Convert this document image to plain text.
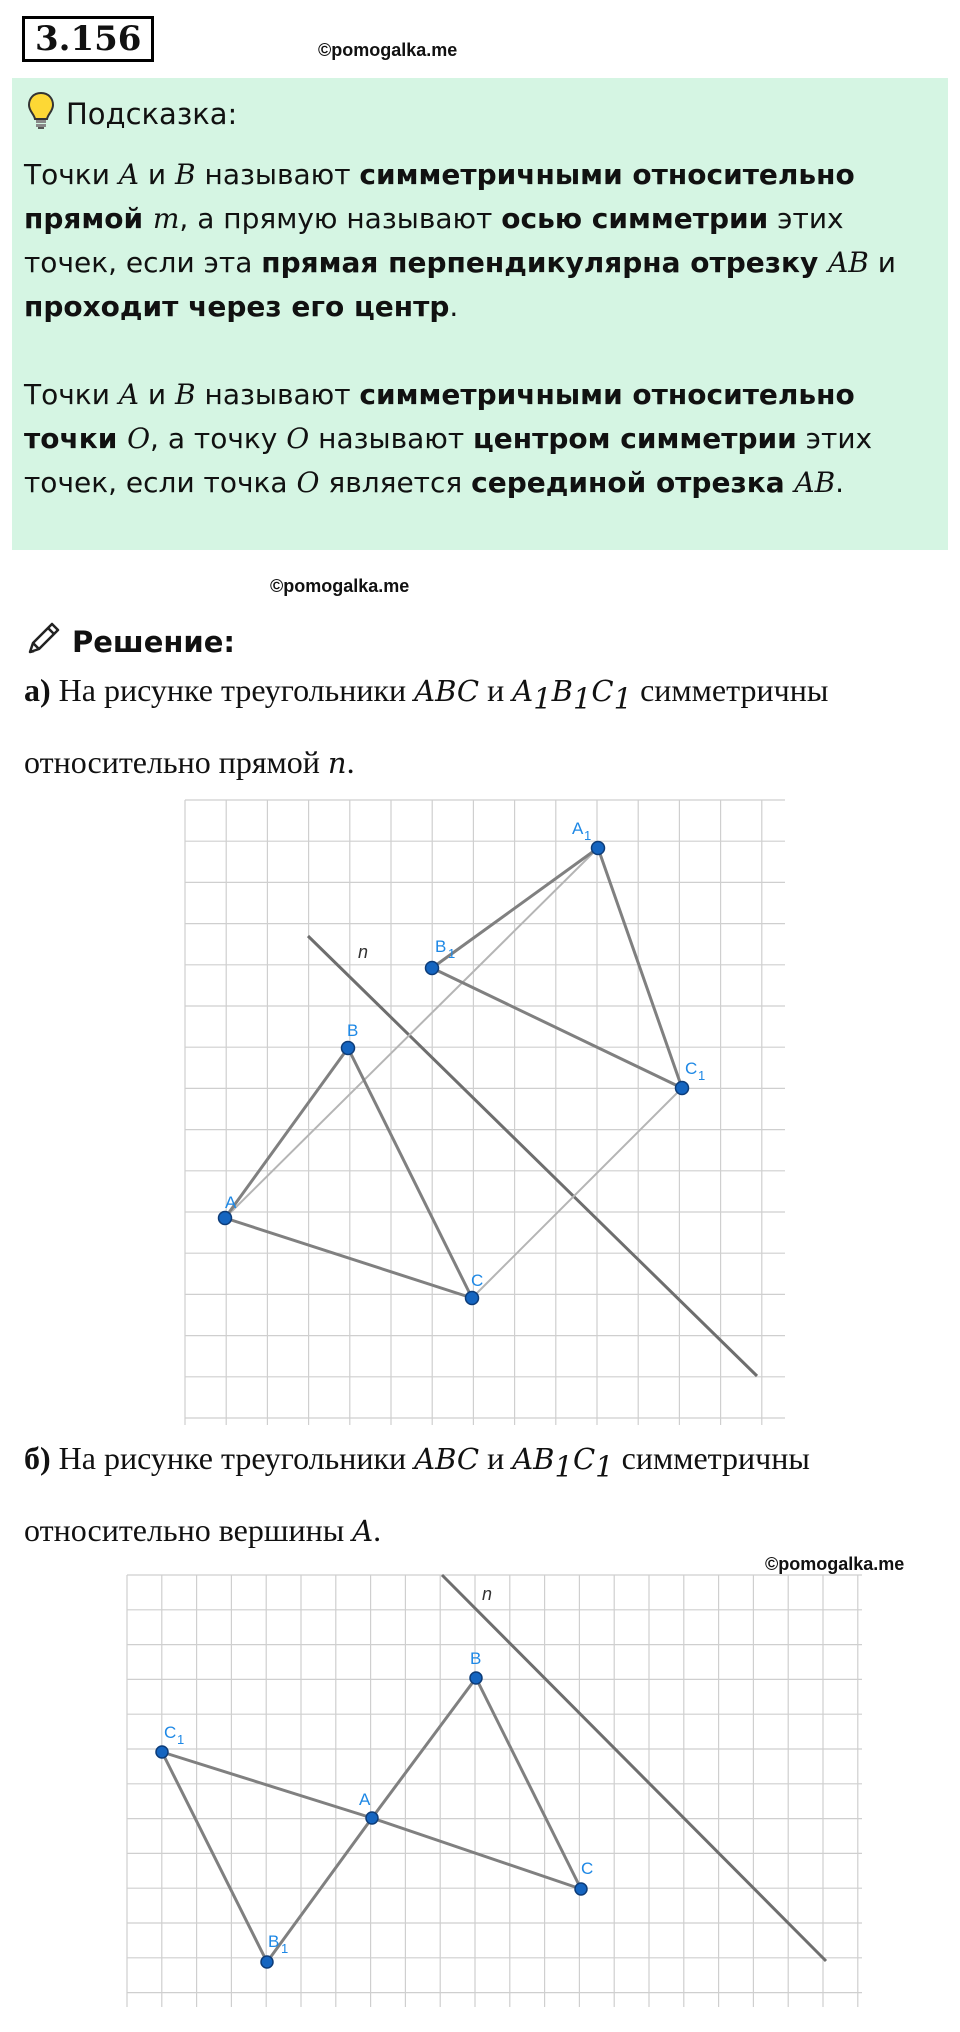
3.156	©pomogalka.me
Подсказка:
Точки A и B называют симметричными относительно прямой m, а прямую называют осью симметрии этих точек, если эта прямая перпендикулярна отрезку AB и проходит через его центр.
Точки A и B называют симметричными относительно точки O, а точку O называют центром симметрии этих точек, если точка O является серединой отрезка AB.
©pomogalka.me
Решение:
а) На рисунке треугольники ABC и $A_1B_1C_1$ симметричны относительно прямой n.
n
A
B
C
A 1
B 1
C 1
б) На рисунке треугольники ABC и $AB_1C_1$ симметричны относительно вершины A.
©pomogalka.me
n
A
B
C
B 1
C 1
